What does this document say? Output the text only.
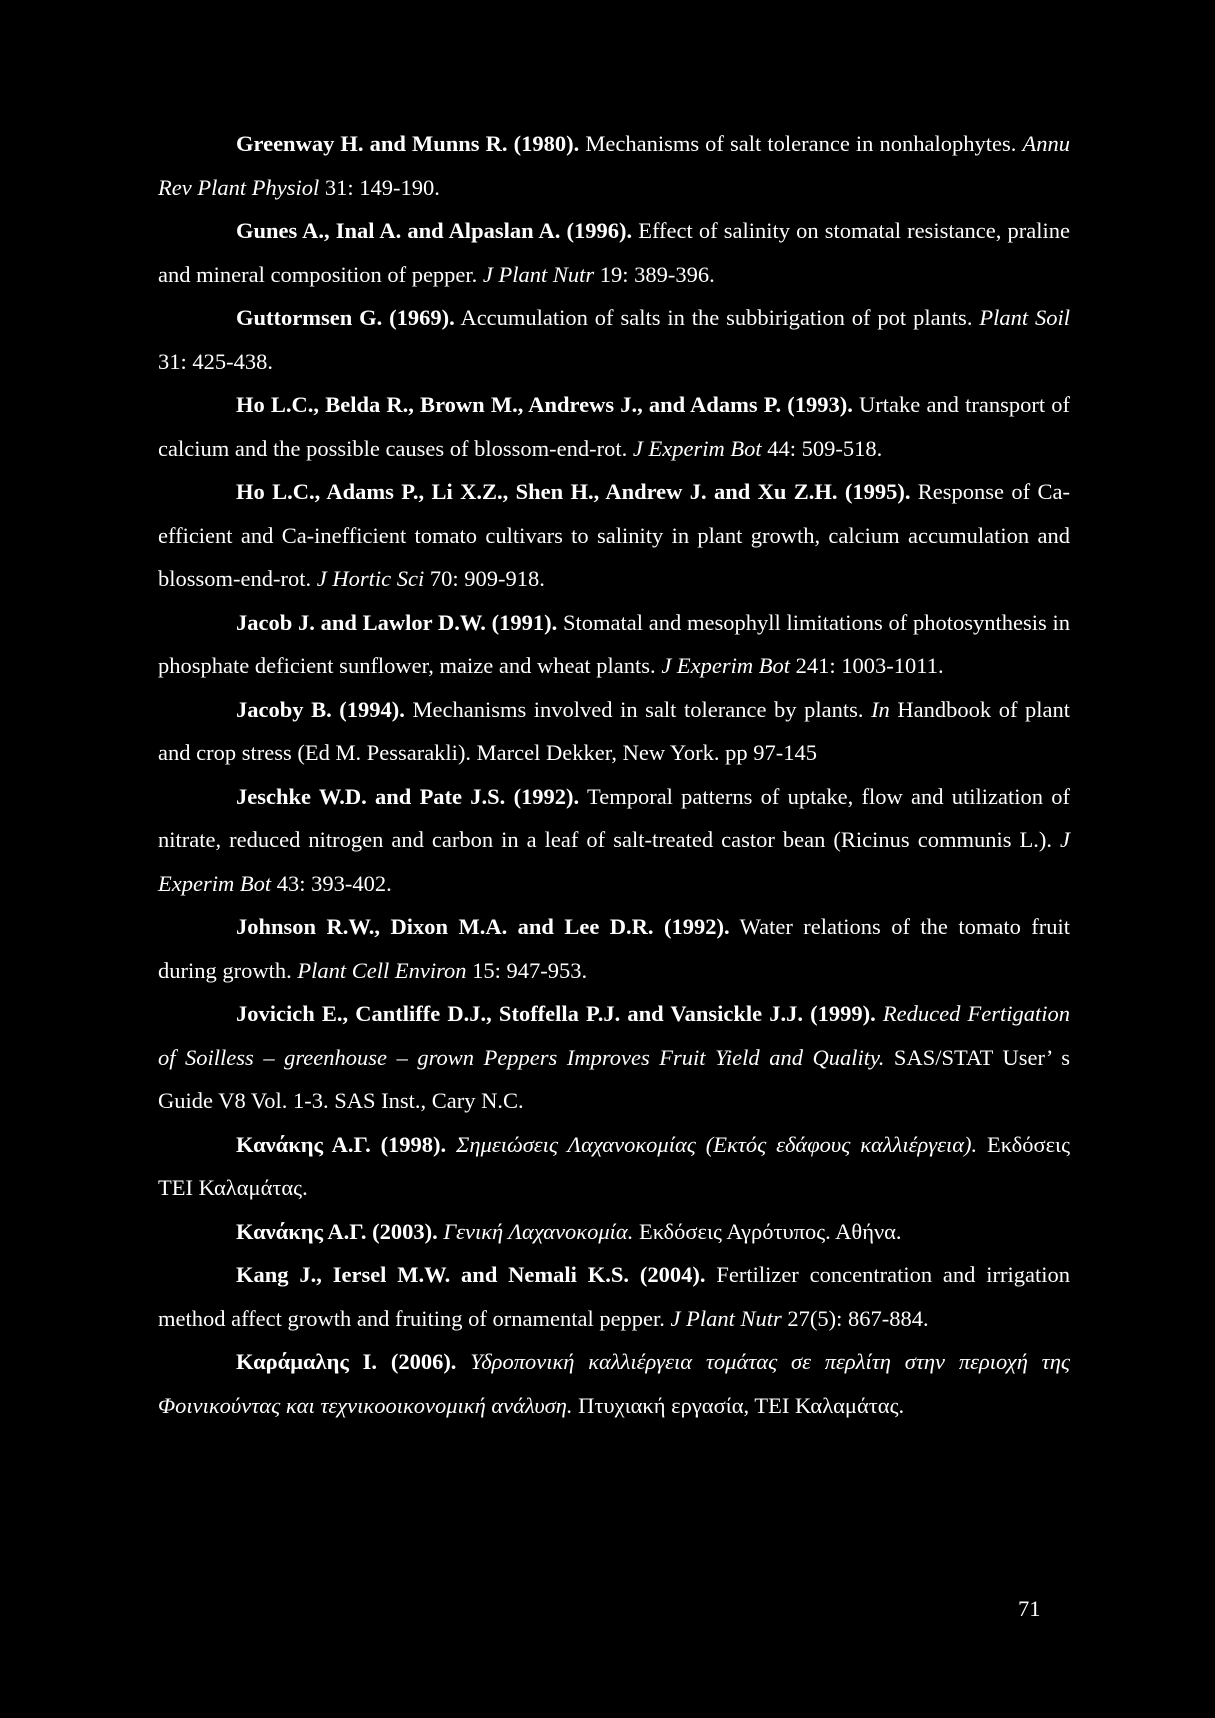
Greenway H. and Munns R. (1980). Mechanisms of salt tolerance in nonhalophytes. Annu Rev Plant Physiol 31: 149-190.

Gunes A., Inal A. and Alpaslan A. (1996). Effect of salinity on stomatal resistance, praline and mineral composition of pepper. J Plant Nutr 19: 389-396.

Guttormsen G. (1969). Accumulation of salts in the subbirigation of pot plants. Plant Soil 31: 425-438.

Ho L.C., Belda R., Brown M., Andrews J., and Adams P. (1993). Urtake and transport of calcium and the possible causes of blossom-end-rot. J Experim Bot 44: 509-518.

Ho L.C., Adams P., Li X.Z., Shen H., Andrew J. and Xu Z.H. (1995). Response of Ca-efficient and Ca-inefficient tomato cultivars to salinity in plant growth, calcium accumulation and blossom-end-rot. J Hortic Sci 70: 909-918.

Jacob J. and Lawlor D.W. (1991). Stomatal and mesophyll limitations of photosynthesis in phosphate deficient sunflower, maize and wheat plants. J Experim Bot 241: 1003-1011.

Jacoby B. (1994). Mechanisms involved in salt tolerance by plants. In Handbook of plant and crop stress (Ed M. Pessarakli). Marcel Dekker, New York. pp 97-145

Jeschke W.D. and Pate J.S. (1992). Temporal patterns of uptake, flow and utilization of nitrate, reduced nitrogen and carbon in a leaf of salt-treated castor bean (Ricinus communis L.). J Experim Bot 43: 393-402.

Johnson R.W., Dixon M.A. and Lee D.R. (1992). Water relations of the tomato fruit during growth. Plant Cell Environ 15: 947-953.

Jovicich E., Cantliffe D.J., Stoffella P.J. and Vansickle J.J. (1999). Reduced Fertigation of Soilless – greenhouse – grown Peppers Improves Fruit Yield and Quality. SAS/STAT User’ s Guide V8 Vol. 1-3. SAS Inst., Cary N.C.

Κανάκης Α.Γ. (1998). Σημειώσεις Λαχανοκομίας (Εκτός εδάφους καλλιέργεια). Εκδόσεις ΤΕΙ Καλαμάτας.

Κανάκης Α.Γ. (2003). Γενική Λαχανοκομία. Εκδόσεις Αγρότυπος. Αθήνα.

Kang J., Iersel M.W. and Nemali K.S. (2004). Fertilizer concentration and irrigation method affect growth and fruiting of ornamental pepper. J Plant Nutr 27(5): 867-884.

Καράμαλης Ι. (2006). Υδροπονική καλλιέργεια τομάτας σε περλίτη στην περιοχή της Φοινικούντας και τεχνικοοικονομική ανάλυση. Πτυχιακή εργασία, ΤΕΙ Καλαμάτας.

71
